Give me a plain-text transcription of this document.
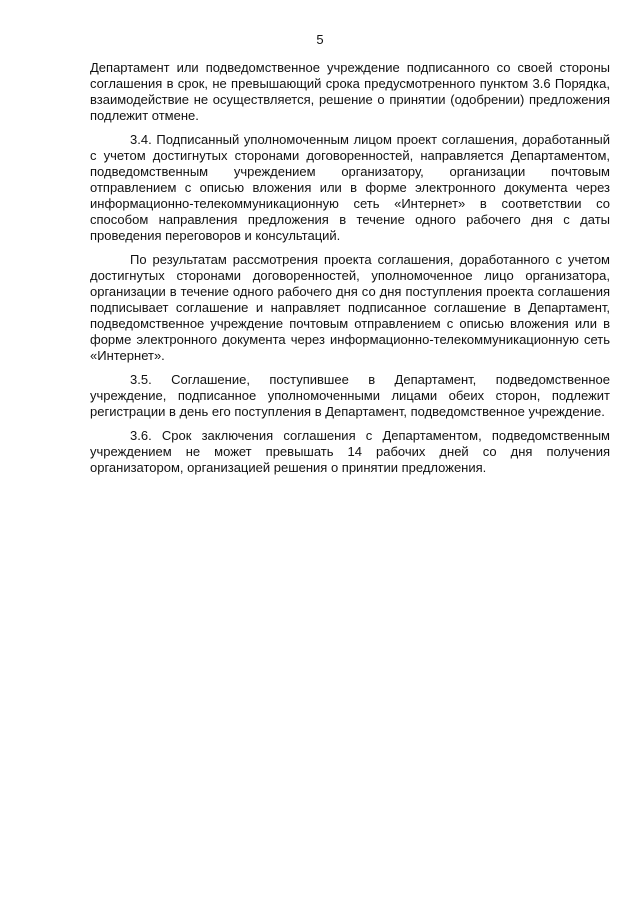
5

Департамент или подведомственное учреждение подписанного со своей стороны соглашения в срок, не превышающий срока предусмотренного пунктом 3.6 Порядка, взаимодействие не осуществляется, решение о принятии (одобрении) предложения подлежит отмене.

3.4. Подписанный уполномоченным лицом проект соглашения, доработанный с учетом достигнутых сторонами договоренностей, направляется Департаментом, подведомственным учреждением организатору, организации почтовым отправлением с описью вложения или в форме электронного документа через информационно-телекоммуникационную сеть «Интернет» в соответствии со способом направления предложения в течение одного рабочего дня с даты проведения переговоров и консультаций.

По результатам рассмотрения проекта соглашения, доработанного с учетом достигнутых сторонами договоренностей, уполномоченное лицо организатора, организации в течение одного рабочего дня со дня поступления проекта соглашения подписывает соглашение и направляет подписанное соглашение в Департамент, подведомственное учреждение почтовым отправлением с описью вложения или в форме электронного документа через информационно-телекоммуникационную сеть «Интернет».

3.5. Соглашение, поступившее в Департамент, подведомственное учреждение, подписанное уполномоченными лицами обеих сторон, подлежит регистрации в день его поступления в Департамент, подведомственное учреждение.

3.6. Срок заключения соглашения с Департаментом, подведомственным учреждением не может превышать 14 рабочих дней со дня получения организатором, организацией решения о принятии предложения.
